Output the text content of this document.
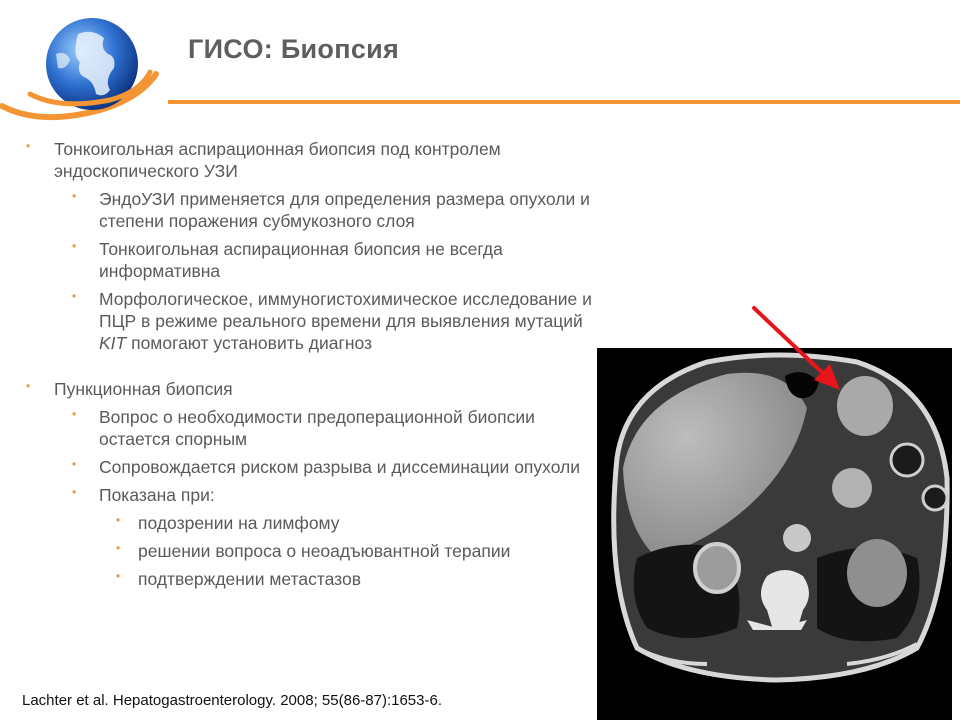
ГИСО: Биопсия
• Тонкоигольная аспирационная биопсия под контролем эндоскопического УЗИ
• ЭндоУЗИ применяется для определения размера опухоли и степени поражения субмукозного слоя
• Тонкоигольная аспирационная биопсия не всегда информативна
• Морфологическое, иммуногистохимическое исследование и ПЦР в режиме реального времени для выявления мутаций KIT помогают установить диагноз
• Пункционная биопсия
• Вопрос о необходимости предоперационной биопсии остается спорным
• Сопровождается риском разрыва и диссеминации опухоли
• Показана при:
• подозрении на лимфому
• решении вопроса о неоадъювантной терапии
• подтверждении метастазов
Lachter et al. Hepatogastroenterology. 2008; 55(86-87):1653-6.
